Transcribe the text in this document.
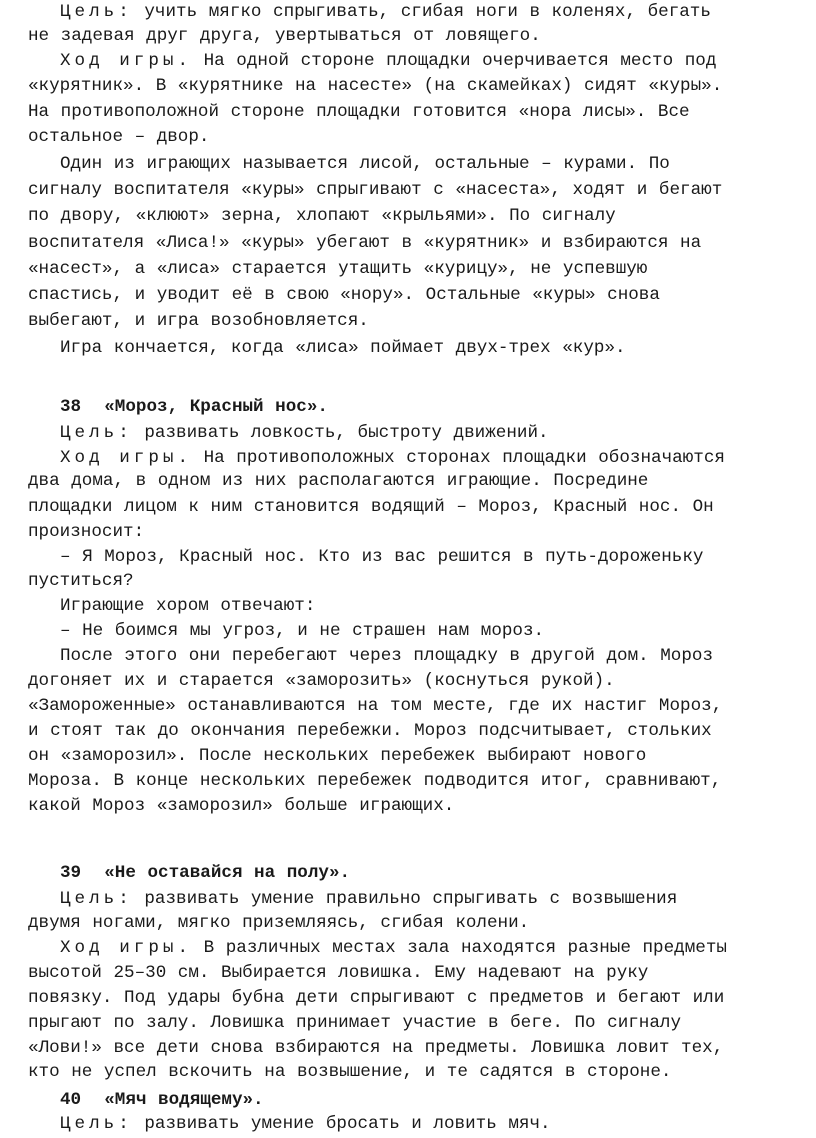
Цель: учить мягко спрыгивать, сгибая ноги в коленях, бегать
не задевая друг друга, увертываться от ловящего.
Ход игры. На одной стороне площадки очерчивается место под
«курятник». В «курятнике на насесте» (на скамейках) сидят «куры».
На противоположной стороне площадки готовится «нора лисы». Все
остальное – двор.
Один из играющих называется лисой, остальные – курами. По
сигналу воспитателя «куры» спрыгивают с «насеста», ходят и бегают
по двору, «клюют» зерна, хлопают «крыльями». По сигналу
воспитателя «Лиса!» «куры» убегают в «курятник» и взбираются на
«насест», а «лиса» старается утащить «курицу», не успевшую
спастись, и уводит её в свою «нору». Остальные «куры» снова
выбегают, и игра возобновляется.
Игра кончается, когда «лиса» поймает двух-трех «кур».
38 «Мороз, Красный нос».
Цель: развивать ловкость, быстроту движений.
Ход игры. На противоположных сторонах площадки обозначаются
два дома, в одном из них располагаются играющие. Посредине
площадки лицом к ним становится водящий – Мороз, Красный нос. Он
произносит:
– Я Мороз, Красный нос. Кто из вас решится в путь-дороженьку
пуститься?
Играющие хором отвечают:
– Не боимся мы угроз, и не страшен нам мороз.
После этого они перебегают через площадку в другой дом. Мороз
догоняет их и старается «заморозить» (коснуться рукой).
«Замороженные» останавливаются на том месте, где их настиг Мороз,
и стоят так до окончания перебежки. Мороз подсчитывает, стольких
он «заморозил». После нескольких перебежек выбирают нового
Мороза. В конце нескольких перебежек подводится итог, сравнивают,
какой Мороз «заморозил» больше играющих.
39 «Не оставайся на полу».
Цель: развивать умение правильно спрыгивать с возвышения
двумя ногами, мягко приземляясь, сгибая колени.
Ход игры. В различных местах зала находятся разные предметы
высотой 25–30 см. Выбирается ловишка. Ему надевают на руку
повязку. Под удары бубна дети спрыгивают с предметов и бегают или
прыгают по залу. Ловишка принимает участие в беге. По сигналу
«Лови!» все дети снова взбираются на предметы. Ловишка ловит тех,
кто не успел вскочить на возвышение, и те садятся в стороне.
40 «Мяч водящему».
Цель: развивать умение бросать и ловить мяч.
